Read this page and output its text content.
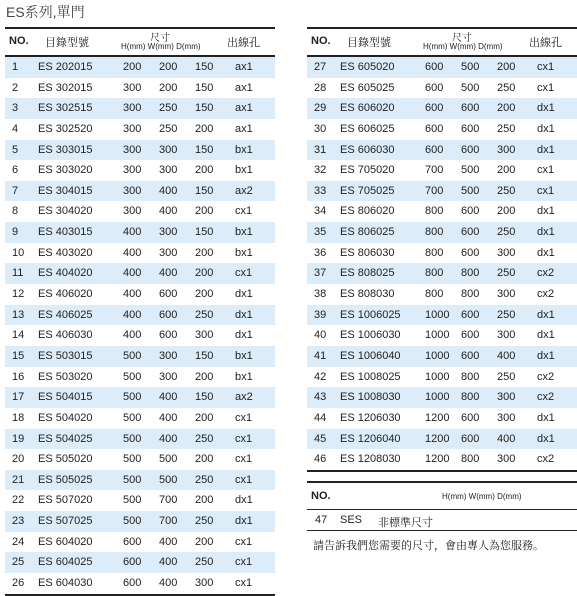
ES系列,單門
NO. 目錄型號	尺寸
H(mm) W(mm) D(mm) 出線孔
1 ES 202015	200 200 150 ax1
2 ES 302015	300 200 150 ax1
3 ES 302515	300 250 150 ax1
4 ES 302520	300 250 200 ax1
5 ES 303015	300 300 150 bx1
6 ES 303020	300 300 200 bx1
7 ES 304015	300 400 150 ax2
8 ES 304020	300 400 200 cx1
9 ES 403015	400 300 150 bx1
10 ES 403020	400 300 200 bx1
11 ES 404020	400 400 200 cx1
12 ES 406020	400 600 200 dx1
13 ES 406025	400 600 250 dx1
14 ES 406030	400 600 300 dx1
15 ES 503015	500 300 150 bx1
16 ES 503020	500 300 200 bx1
17 ES 504015	500 400 150 ax2
18 ES 504020	500 400 200 cx1
19 ES 504025	500 400 250 cx1
20 ES 505020	500 500 200 cx1
21 ES 505025	500 500 250 cx1
22 ES 507020	500 700 200 dx1
23 ES 507025	500 700 250 dx1
24 ES 604020	600 400 200 cx1
25 ES 604025	600 400 250 cx1
26 ES 604030	600 400 300 cx1
NO. 目錄型號	尺寸
H(mm) W(mm) D(mm) 出線孔
27 ES 605020	600 500 200 cx1
28 ES 605025	600 500 250 cx1
29 ES 606020	600 600 200 dx1
30 ES 606025	600 600 250 dx1
31 ES 606030	600 600 300 dx1
32 ES 705020	700 500 200 cx1
33 ES 705025	700 500 250 cx1
34 ES 806020	800 600 200 dx1
35 ES 806025	800 600 250 dx1
36 ES 806030	800 600 300 dx1
37 ES 808025	800 800 250 cx2
38 ES 808030	800 800 300 cx2
39 ES 1006025 1000 600 250 dx1
40 ES 1006030 1000 600 300 dx1
41 ES 1006040 1000 600 400 dx1
42 ES 1008025 1000 800 250 cx2
43 ES 1008030 1000 800 300 cx2
44 ES 1206030 1200 600 300 dx1
45 ES 1206040 1200 600 400 dx1
46 ES 1208030 1200 800 300 cx2
NO.	H(mm) W(mm) D(mm)
47 SES 非標準尺寸
請告訴我們您需要的尺寸，會由專人為您服務。
